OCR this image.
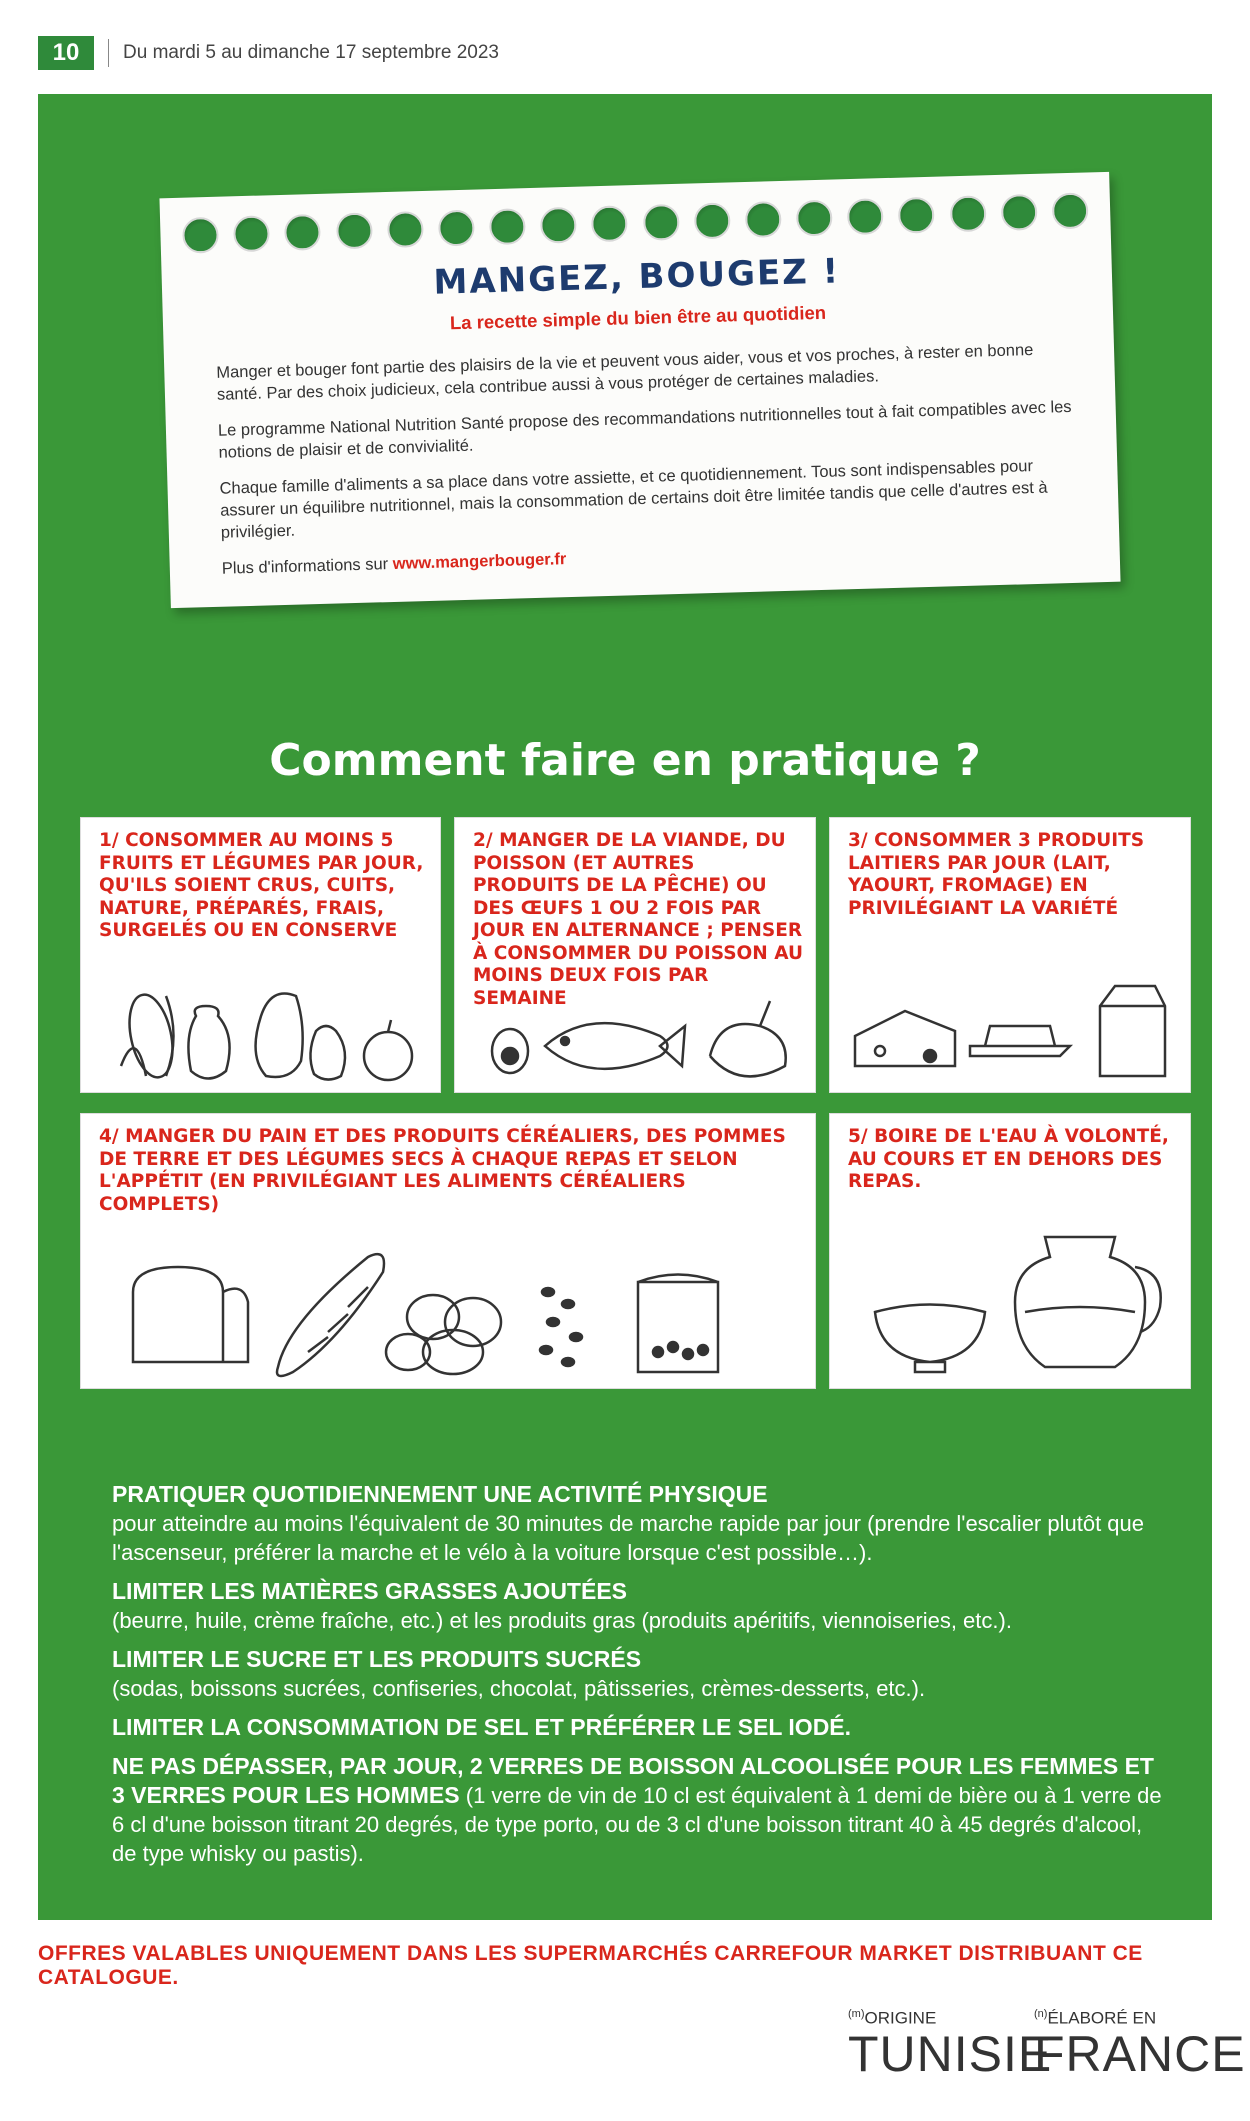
10	Du mardi 5 au dimanche 17 septembre 2023
MANGEZ, BOUGEZ !
La recette simple du bien être au quotidien

Manger et bouger font partie des plaisirs de la vie et peuvent vous aider, vous et vos proches, à rester en bonne santé. Par des choix judicieux, cela contribue aussi à vous protéger de certaines maladies.

Le programme National Nutrition Santé propose des recommandations nutritionnelles tout à fait compatibles avec les notions de plaisir et de convivialité.

Chaque famille d'aliments a sa place dans votre assiette, et ce quotidiennement. Tous sont indispensables pour assurer un équilibre nutritionnel, mais la consommation de certains doit être limitée tandis que celle d'autres est à privilégier.

Plus d'informations sur www.mangerbouger.fr

Comment faire en pratique ?
1/ CONSOMMER AU MOINS 5 FRUITS ET LÉGUMES PAR JOUR, QU'ILS SOIENT CRUS, CUITS, NATURE, PRÉPARÉS, FRAIS, SURGELÉS OU EN CONSERVE
2/ MANGER DE LA VIANDE, DU POISSON (ET AUTRES PRODUITS DE LA PÊCHE) OU DES ŒUFS 1 OU 2 FOIS PAR JOUR EN ALTERNANCE ; PENSER À CONSOMMER DU POISSON AU MOINS DEUX FOIS PAR SEMAINE
3/ CONSOMMER 3 PRODUITS LAITIERS PAR JOUR (LAIT, YAOURT, FROMAGE) EN PRIVILÉGIANT LA VARIÉTÉ
4/ MANGER DU PAIN ET DES PRODUITS CÉRÉALIERS, DES POMMES DE TERRE ET DES LÉGUMES SECS À CHAQUE REPAS ET SELON L'APPÉTIT (EN PRIVILÉGIANT LES ALIMENTS CÉRÉALIERS COMPLETS)
5/ BOIRE DE L'EAU À VOLONTÉ, AU COURS ET EN DEHORS DES REPAS.
PRATIQUER QUOTIDIENNEMENT UNE ACTIVITÉ PHYSIQUE
pour atteindre au moins l'équivalent de 30 minutes de marche rapide par jour (prendre l'escalier plutôt que l'ascenseur, préférer la marche et le vélo à la voiture lorsque c'est possible…).
LIMITER LES MATIÈRES GRASSES AJOUTÉES
(beurre, huile, crème fraîche, etc.) et les produits gras (produits apéritifs, viennoiseries, etc.).
LIMITER LE SUCRE ET LES PRODUITS SUCRÉS
(sodas, boissons sucrées, confiseries, chocolat, pâtisseries, crèmes-desserts, etc.).
LIMITER LA CONSOMMATION DE SEL ET PRÉFÉRER LE SEL IODÉ.
NE PAS DÉPASSER, PAR JOUR, 2 VERRES DE BOISSON ALCOOLISÉE POUR LES FEMMES ET 3 VERRES POUR LES HOMMES (1 verre de vin de 10 cl est équivalent à 1 demi de bière ou à 1 verre de 6 cl d'une boisson titrant 20 degrés, de type porto, ou de 3 cl d'une boisson titrant 40 à 45 degrés d'alcool, de type whisky ou pastis).
OFFRES VALABLES UNIQUEMENT DANS LES SUPERMARCHÉS CARREFOUR MARKET DISTRIBUANT CE CATALOGUE.
$^{(m)}$ORIGINE
TUNISIE
$^{(n)}$ÉLABORÉ EN
FRANCE
